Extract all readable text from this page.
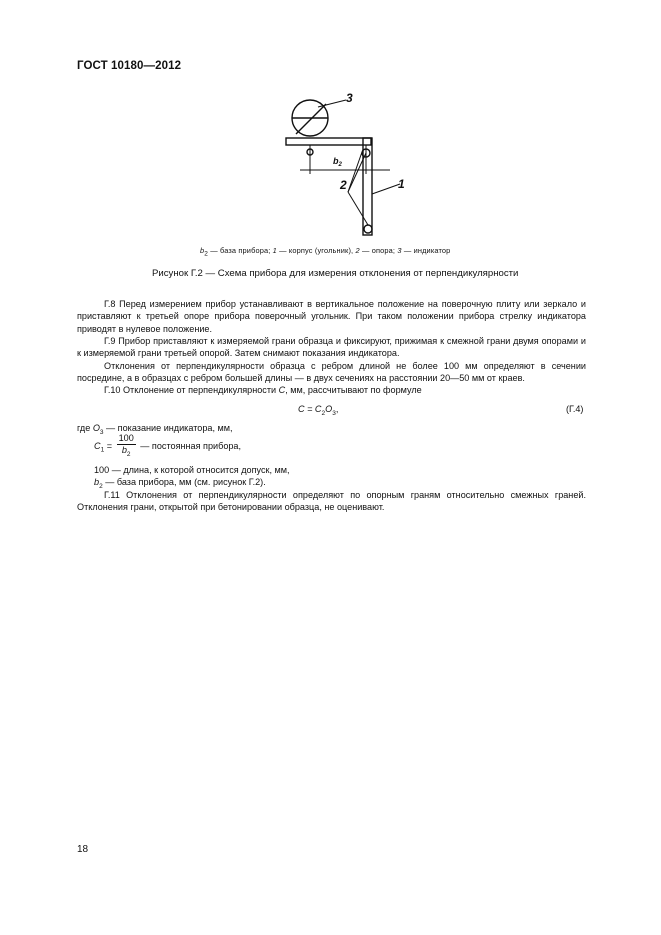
ГОСТ 10180—2012
$b_2$
2	1
3
$b_2$ — база прибора; 1 — корпус (угольник), 2 — опора; 3 — индикатор
Рисунок Г.2 — Схема прибора для измерения отклонения от перпендикулярности
Г.8 Перед измерением прибор устанавливают в вертикальное положение на поверочную плиту или зеркало и приставляют к третьей опоре прибора поверочный угольник. При таком положении прибора стрелку индикатора приводят в нулевое положение.
Г.9 Прибор приставляют к измеряемой грани образца и фиксируют, прижимая к смежной грани двумя опорами и к измеряемой грани третьей опорой. Затем снимают показания индикатора.
Отклонения от перпендикулярности образца с ребром длиной не более 100 мм определяют в сечении посредине, а в образцах с ребром большей длины — в двух сечениях на расстоянии 20—50 мм от краев.
Г.10 Отклонение от перпендикулярности C, мм, рассчитывают по формуле
$C = C_2O_3$,	(Г.4)
где $O_3$ — показание индикатора, мм,
$C_1 = \frac{100}{b_2}$ — постоянная прибора,
100 — длина, к которой относится допуск, мм,
$b_2$ — база прибора, мм (см. рисунок Г.2).
Г.11 Отклонения от перпендикулярности определяют по опорным граням относительно смежных граней. Отклонения грани, открытой при бетонировании образца, не оценивают.
18
